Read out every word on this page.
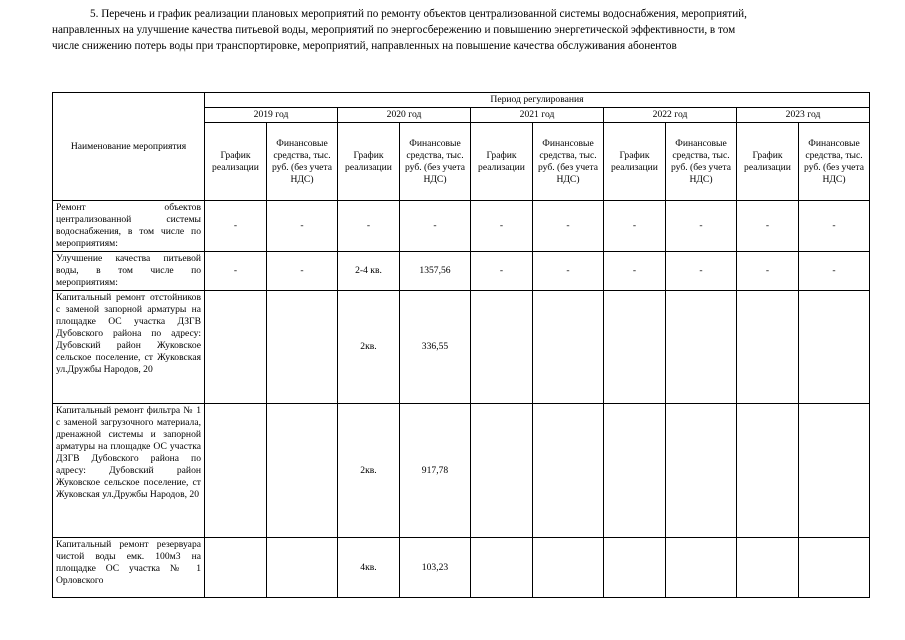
5. Перечень и график реализации плановых мероприятий по ремонту объектов централизованной системы водоснабжения, мероприятий,
направленных на улучшение качества питьевой воды, мероприятий по энергосбережению и повышению энергетической эффективности, в том
числе снижению потерь воды при транспортировке, мероприятий, направленных на повышение качества обслуживания абонентов
Наименование мероприятия	Период регулирования									
	2019 год		2020 год		2021 год		2022 год		2023 год	
	График реализации	Финансовые средства, тыс. руб. (без учета НДС)	График реализации	Финансовые средства, тыс. руб. (без учета НДС)	График реализации	Финансовые средства, тыс. руб. (без учета НДС)	График реализации	Финансовые средства, тыс. руб. (без учета НДС)	График реализации	Финансовые средства, тыс. руб. (без учета НДС)
Ремонт объектов централизованной системы водоснабжения, в том числе по мероприятиям:	-	-	-	-	-	-	-	-	-	-
Улучшение качества питьевой воды, в том числе по мероприятиям:	-	-	2-4 кв.	1357,56	-	-	-	-	-	-
Капитальный ремонт отстойников с заменой запорной арматуры на площадке ОС участка ДЗГВ Дубовского района по адресу: Дубовский район Жуковское сельское поселение, ст Жуковская ул.Дружбы Народов, 20			2кв.	336,55						
Капитальный ремонт фильтра № 1 с заменой загрузочного материала, дренажной системы и запорной арматуры на площадке ОС участка ДЗГВ Дубовского района по адресу: Дубовский район Жуковское сельское поселение, ст Жуковская ул.Дружбы Народов, 20			2кв.	917,78						
Капитальный ремонт резервуара чистой воды емк. 100м3 на площадке ОС участка № 1 Орловского			4кв.	103,23						
